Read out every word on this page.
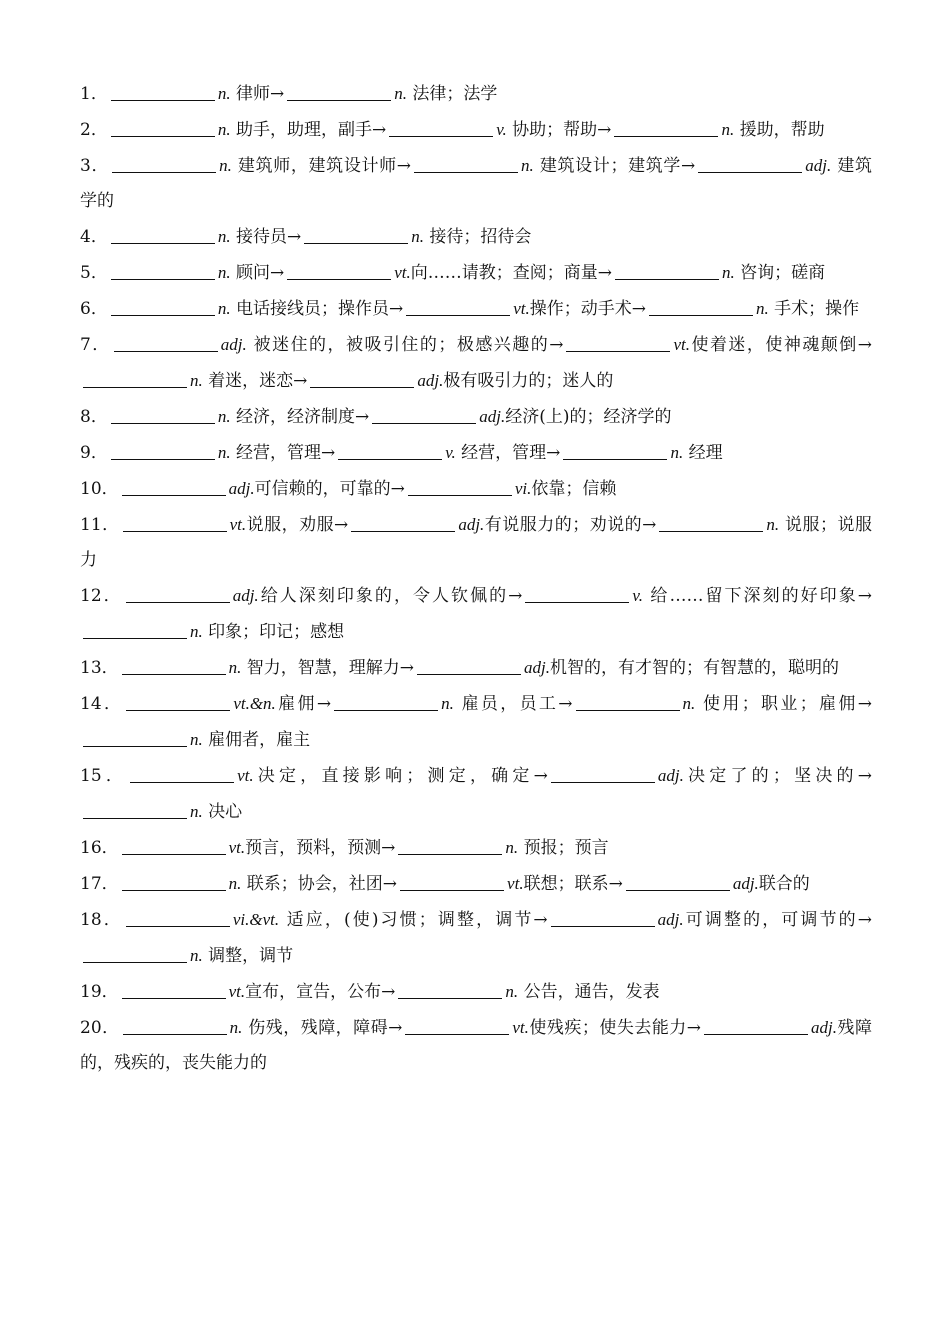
1．	n. 律师→	n. 法律；法学

2．	n. 助手，助理，副手→	v. 协助；帮助→	n. 援助，帮助

3．	n. 建筑师，建筑设计师→	n. 建筑设计；建筑学→	adj. 建筑学的

4．	n. 接待员→	n. 接待；招待会

5．	n. 顾问→	vt.向……请教；查阅；商量→	n. 咨询；磋商

6．	n. 电话接线员；操作员→	vt.操作；动手术→	n. 手术；操作

7．	adj. 被迷住的，被吸引住的；极感兴趣的→	vt.使着迷，使神魂颠倒→n. 着迷，迷恋→	adj.极有吸引力的；迷人的

8．	n. 经济，经济制度→	adj.经济(上)的；经济学的

9．	n. 经营，管理→	v. 经营，管理→	n. 经理

10．	adj.可信赖的，可靠的→	vi.依靠；信赖

11．	vt.说服，劝服→	adj.有说服力的；劝说的→	n. 说服；说服力

12．	adj.给人深刻印象的，令人钦佩的→	v. 给……留下深刻的好印象→n. 印象；印记；感想

13．	n. 智力，智慧，理解力→	adj.机智的，有才智的；有智慧的，聪明的

14．	vt.&n.雇佣→	n. 雇员，员工→	n. 使用；职业；雇佣→n. 雇佣者，雇主

15．	vt.决定，直接影响；测定，确定→	adj.决定了的；坚决的→n. 决心

16．	vt.预言，预料，预测→	n. 预报；预言

17．	n. 联系；协会，社团→	vt.联想；联系→	adj.联合的

18．	vi.&vt. 适应，(使)习惯；调整，调节→	adj.可调整的，可调节的→n. 调整，调节

19．	vt.宣布，宣告，公布→	n. 公告，通告，发表

20．	n. 伤残，残障，障碍→	vt.使残疾；使失去能力→	adj.残障的，残疾的，丧失能力的
